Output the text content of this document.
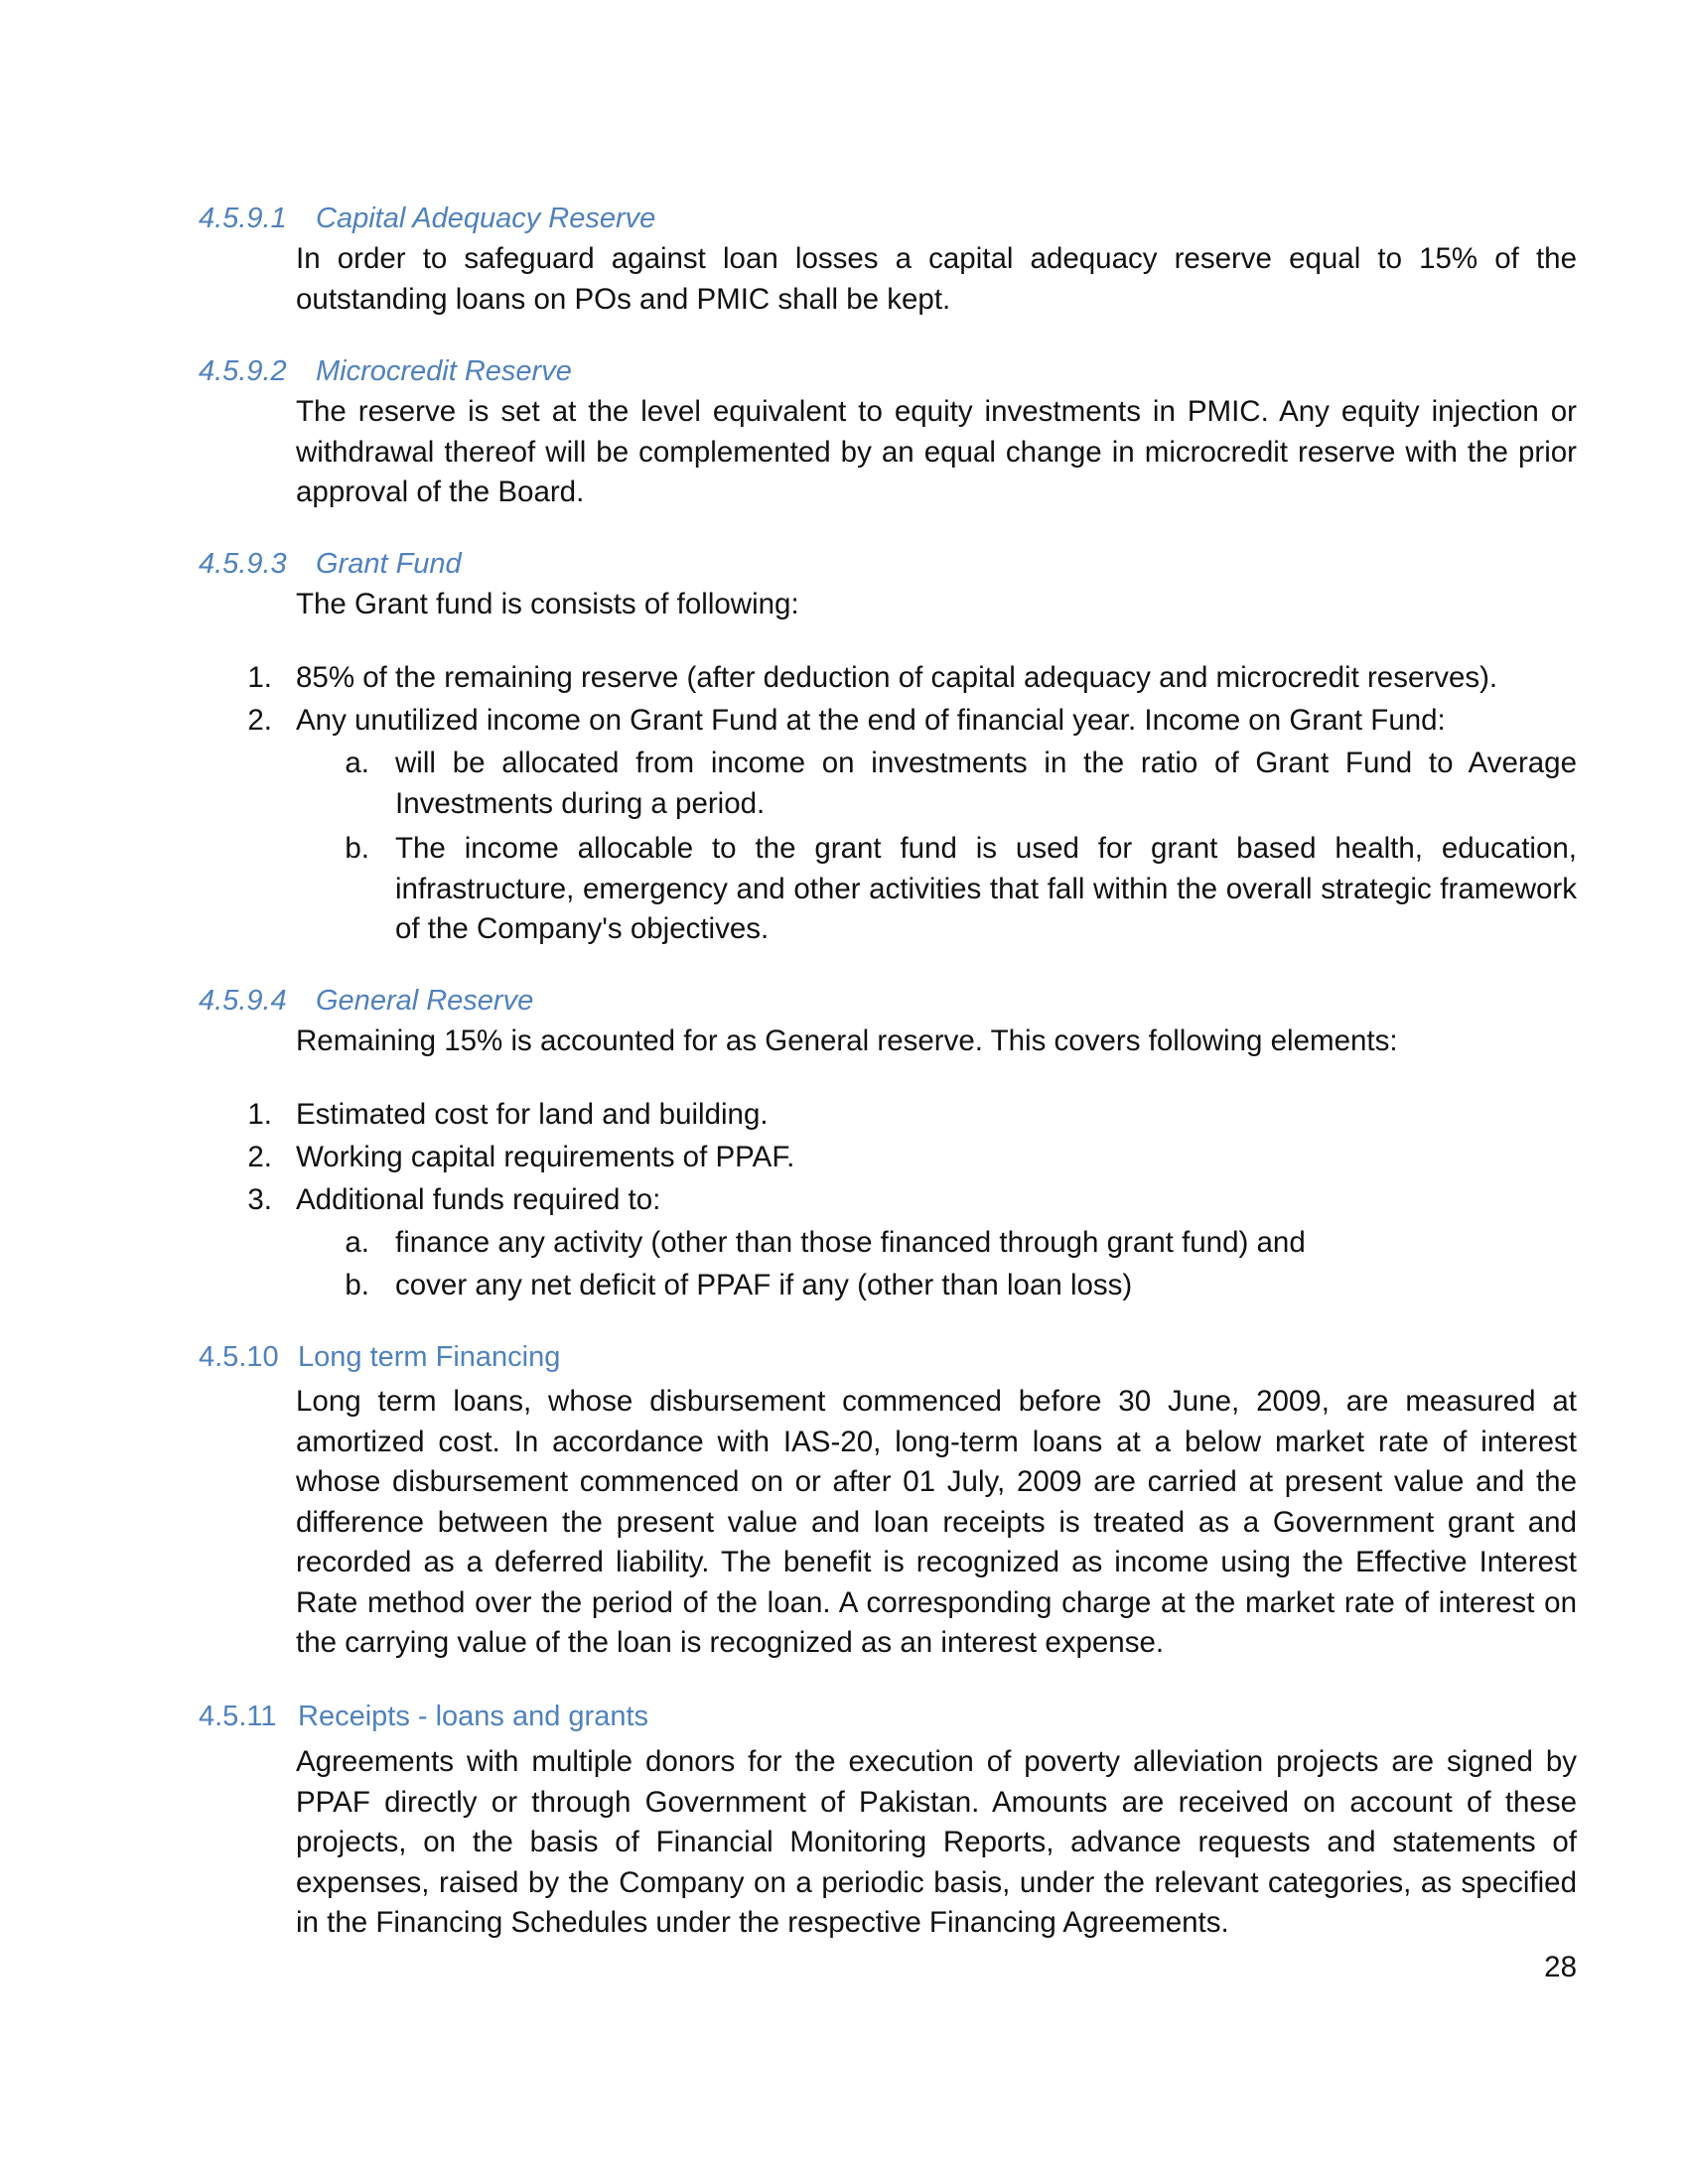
4.5.9.1 Capital Adequacy Reserve
In order to safeguard against loan losses a capital adequacy reserve equal to 15% of the outstanding loans on POs and PMIC shall be kept.
4.5.9.2 Microcredit Reserve
The reserve is set at the level equivalent to equity investments in PMIC. Any equity injection or withdrawal thereof will be complemented by an equal change in microcredit reserve with the prior approval of the Board.
4.5.9.3 Grant Fund
The Grant fund is consists of following:
1. 85% of the remaining reserve (after deduction of capital adequacy and microcredit reserves).
2. Any unutilized income on Grant Fund at the end of financial year. Income on Grant Fund:
a. will be allocated from income on investments in the ratio of Grant Fund to Average Investments during a period.
b. The income allocable to the grant fund is used for grant based health, education, infrastructure, emergency and other activities that fall within the overall strategic framework of the Company's objectives.
4.5.9.4 General Reserve
Remaining 15% is accounted for as General reserve. This covers following elements:
1. Estimated cost for land and building.
2. Working capital requirements of PPAF.
3. Additional funds required to:
a. finance any activity (other than those financed through grant fund) and
b. cover any net deficit of PPAF if any (other than loan loss)
4.5.10 Long term Financing
Long term loans, whose disbursement commenced before 30 June, 2009, are measured at amortized cost. In accordance with IAS-20, long-term loans at a below market rate of interest whose disbursement commenced on or after 01 July, 2009 are carried at present value and the difference between the present value and loan receipts is treated as a Government grant and recorded as a deferred liability. The benefit is recognized as income using the Effective Interest Rate method over the period of the loan. A corresponding charge at the market rate of interest on the carrying value of the loan is recognized as an interest expense.
4.5.11 Receipts - loans and grants
Agreements with multiple donors for the execution of poverty alleviation projects are signed by PPAF directly or through Government of Pakistan. Amounts are received on account of these projects, on the basis of Financial Monitoring Reports, advance requests and statements of expenses, raised by the Company on a periodic basis, under the relevant categories, as specified in the Financing Schedules under the respective Financing Agreements.
28
